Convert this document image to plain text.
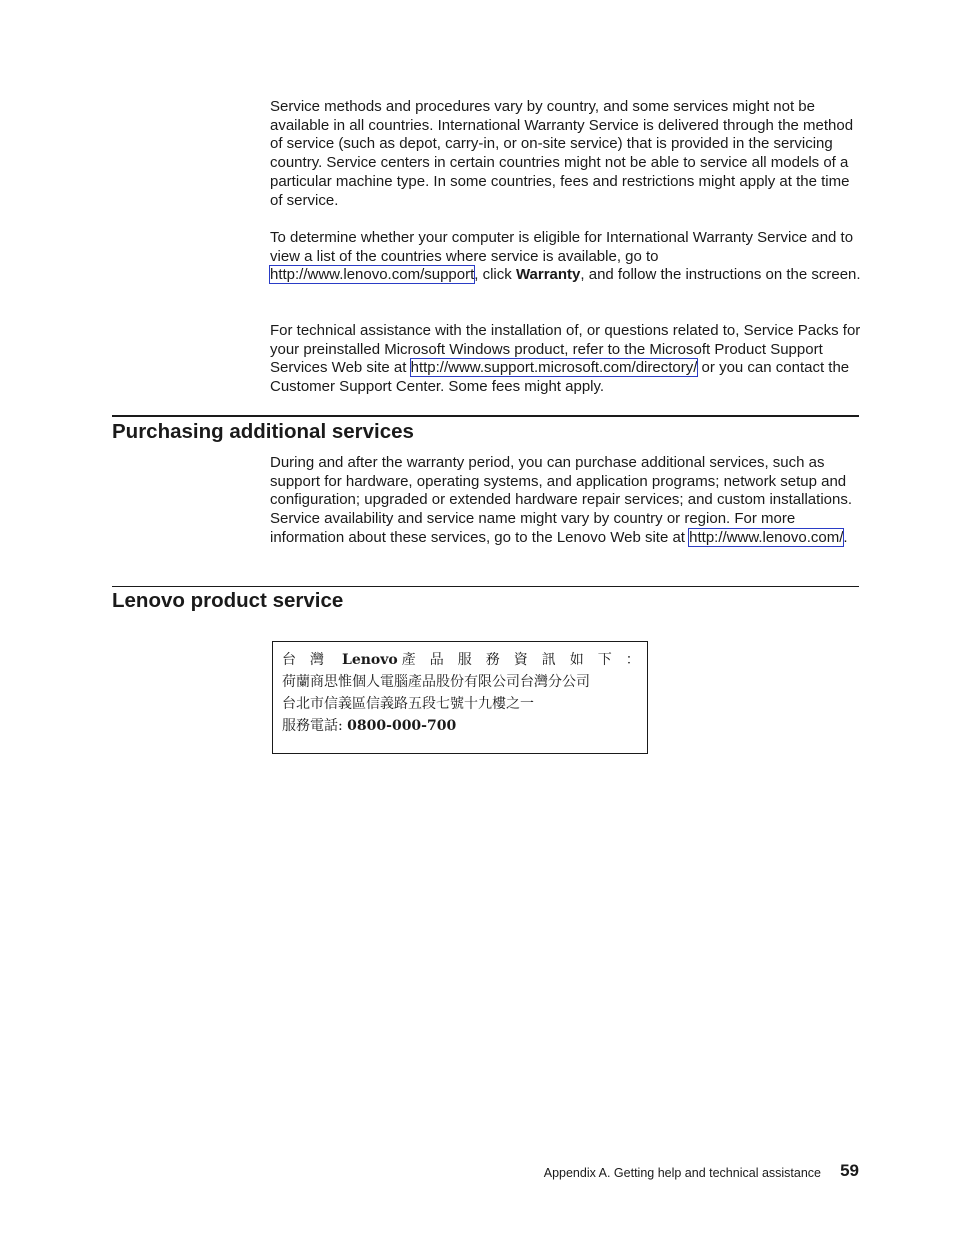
Service methods and procedures vary by country, and some services might not be available in all countries. International Warranty Service is delivered through the method of service (such as depot, carry-in, or on-site service) that is provided in the servicing country. Service centers in certain countries might not be able to service all models of a particular machine type. In some countries, fees and restrictions might apply at the time of service.

To determine whether your computer is eligible for International Warranty Service and to view a list of the countries where service is available, go to http://www.lenovo.com/support, click Warranty, and follow the instructions on the screen.

For technical assistance with the installation of, or questions related to, Service Packs for your preinstalled Microsoft Windows product, refer to the Microsoft Product Support Services Web site at http://www.support.microsoft.com/directory/ or you can contact the Customer Support Center. Some fees might apply.

Purchasing additional services

During and after the warranty period, you can purchase additional services, such as support for hardware, operating systems, and application programs; network setup and configuration; upgraded or extended hardware repair services; and custom installations. Service availability and service name might vary by country or region. For more information about these services, go to the Lenovo Web site at http://www.lenovo.com/.

Lenovo product service

台灣 Lenovo 產品服務資訊如下：

荷蘭商思惟個人電腦產品股份有限公司台灣分公司

台北市信義區信義路五段七號十九樓之一

服務電話: 0800-000-700

Appendix A. Getting help and technical assistance 59
